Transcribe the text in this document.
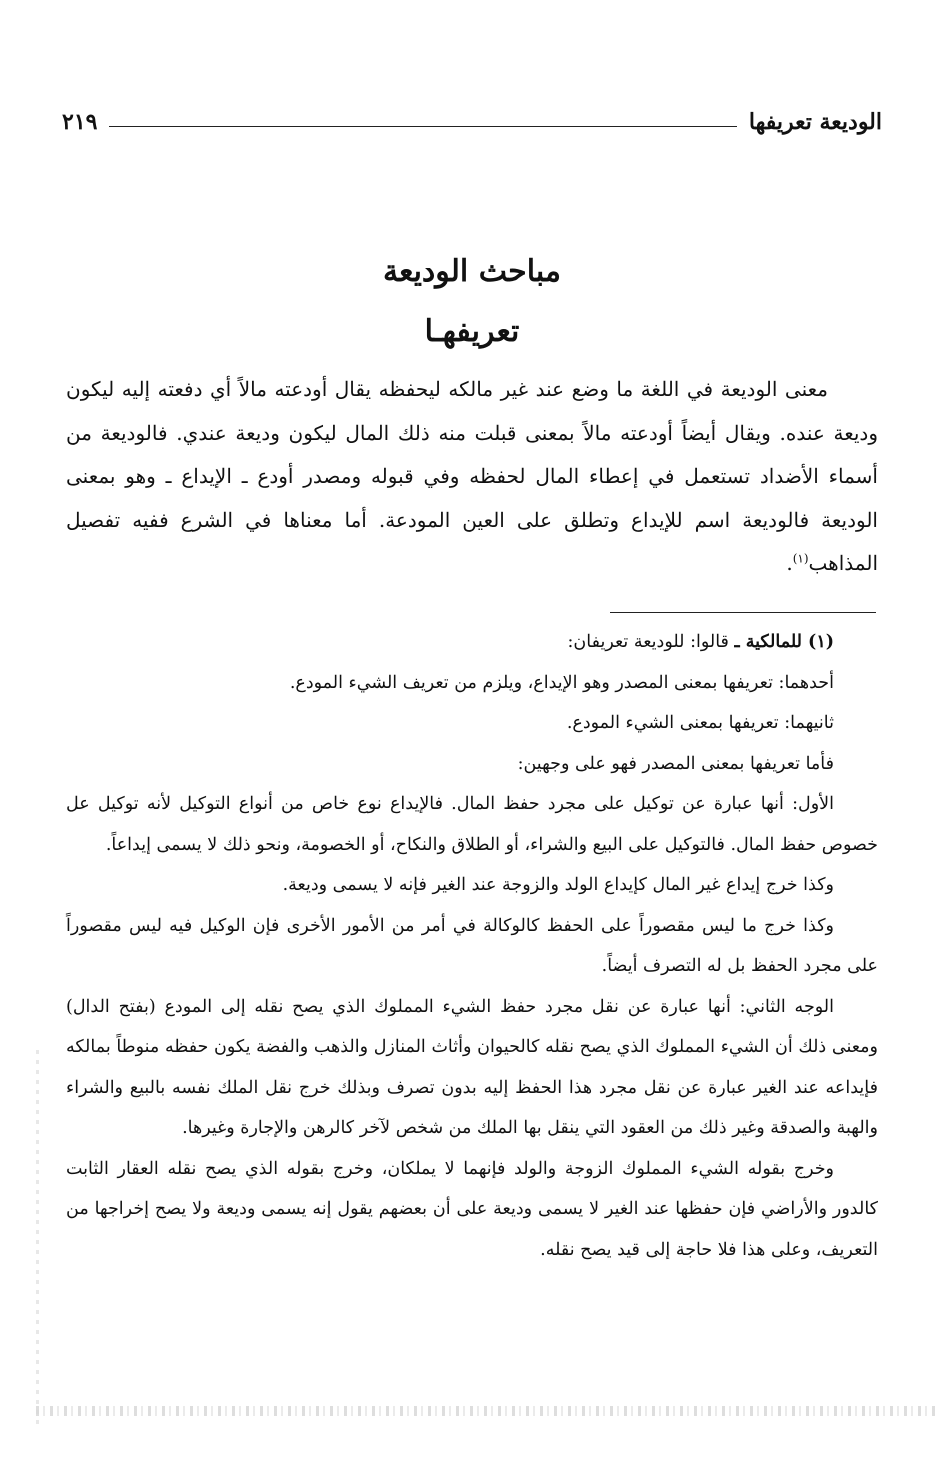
الوديعة تعريفها
٢١٩
مباحث الوديعة
تعريفهـا

معنى الوديعة في اللغة ما وضع عند غير مالكه ليحفظه يقال أودعته مالاً أي دفعته إليه ليكون وديعة عنده. ويقال أيضاً أودعته مالاً بمعنى قبلت منه ذلك المال ليكون وديعة عندي. فالوديعة من أسماء الأضداد تستعمل في إعطاء المال لحفظه وفي قبوله ومصدر أودع ـ الإيداع ـ وهو بمعنى الوديعة فالوديعة اسم للإيداع وتطلق على العين المودعة. أما معناها في الشرع ففيه تفصيل المذاهب$^{(١)}$.

(١) للمالكية ـ قالوا: للوديعة تعريفان:

أحدهما: تعريفها بمعنى المصدر وهو الإيداع، ويلزم من تعريف الشيء المودع.

ثانيهما: تعريفها بمعنى الشيء المودع.

فأما تعريفها بمعنى المصدر فهو على وجهين:

الأول: أنها عبارة عن توكيل على مجرد حفظ المال. فالإيداع نوع خاص من أنواع التوكيل لأنه توكيل عل خصوص حفظ المال. فالتوكيل على البيع والشراء، أو الطلاق والنكاح، أو الخصومة، ونحو ذلك لا يسمى إيداعاً.

وكذا خرج إيداع غير المال كإيداع الولد والزوجة عند الغير فإنه لا يسمى وديعة.

وكذا خرج ما ليس مقصوراً على الحفظ كالوكالة في أمر من الأمور الأخرى فإن الوكيل فيه ليس مقصوراً على مجرد الحفظ بل له التصرف أيضاً.

الوجه الثاني: أنها عبارة عن نقل مجرد حفظ الشيء المملوك الذي يصح نقله إلى المودع (بفتح الدال) ومعنى ذلك أن الشيء المملوك الذي يصح نقله كالحيوان وأثاث المنازل والذهب والفضة يكون حفظه منوطاً بمالكه فإيداعه عند الغير عبارة عن نقل مجرد هذا الحفظ إليه بدون تصرف وبذلك خرج نقل الملك نفسه بالبيع والشراء والهبة والصدقة وغير ذلك من العقود التي ينقل بها الملك من شخص لآخر كالرهن والإجارة وغيرها.

وخرج بقوله الشيء المملوك الزوجة والولد فإنهما لا يملكان، وخرج بقوله الذي يصح نقله العقار الثابت كالدور والأراضي فإن حفظها عند الغير لا يسمى وديعة على أن بعضهم يقول إنه يسمى وديعة ولا يصح إخراجها من التعريف، وعلى هذا فلا حاجة إلى قيد يصح نقله.
